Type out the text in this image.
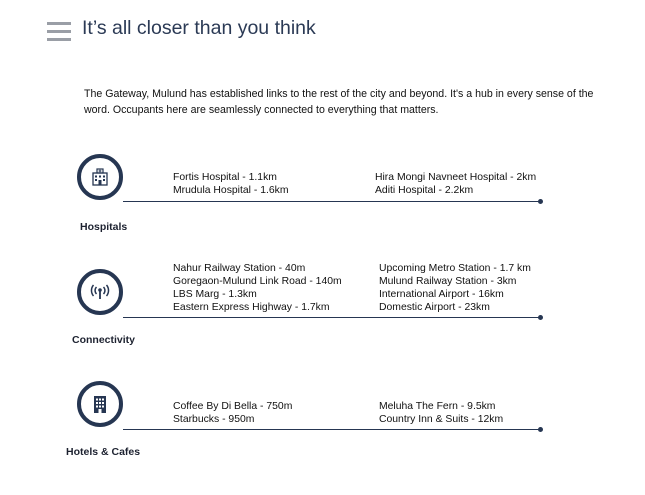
It’s all closer than you think
The Gateway, Mulund has established links to the rest of the city and beyond. It's a hub in every sense of the word. Occupants here are seamlessly connected to everything that matters.
Fortis Hospital - 1.1km
Mrudula Hospital - 1.6km
Hira Mongi Navneet Hospital - 2km
Aditi Hospital - 2.2km
Hospitals
Nahur Railway Station - 40m
Goregaon-Mulund Link Road - 140m
LBS Marg - 1.3km
Eastern Express Highway - 1.7km
Upcoming Metro Station - 1.7 km
Mulund Railway Station - 3km
International Airport - 16km
Domestic Airport - 23km
Connectivity
Coffee By Di Bella - 750m
Starbucks - 950m
Meluha The Fern - 9.5km
Country Inn & Suits - 12km
Hotels & Cafes
